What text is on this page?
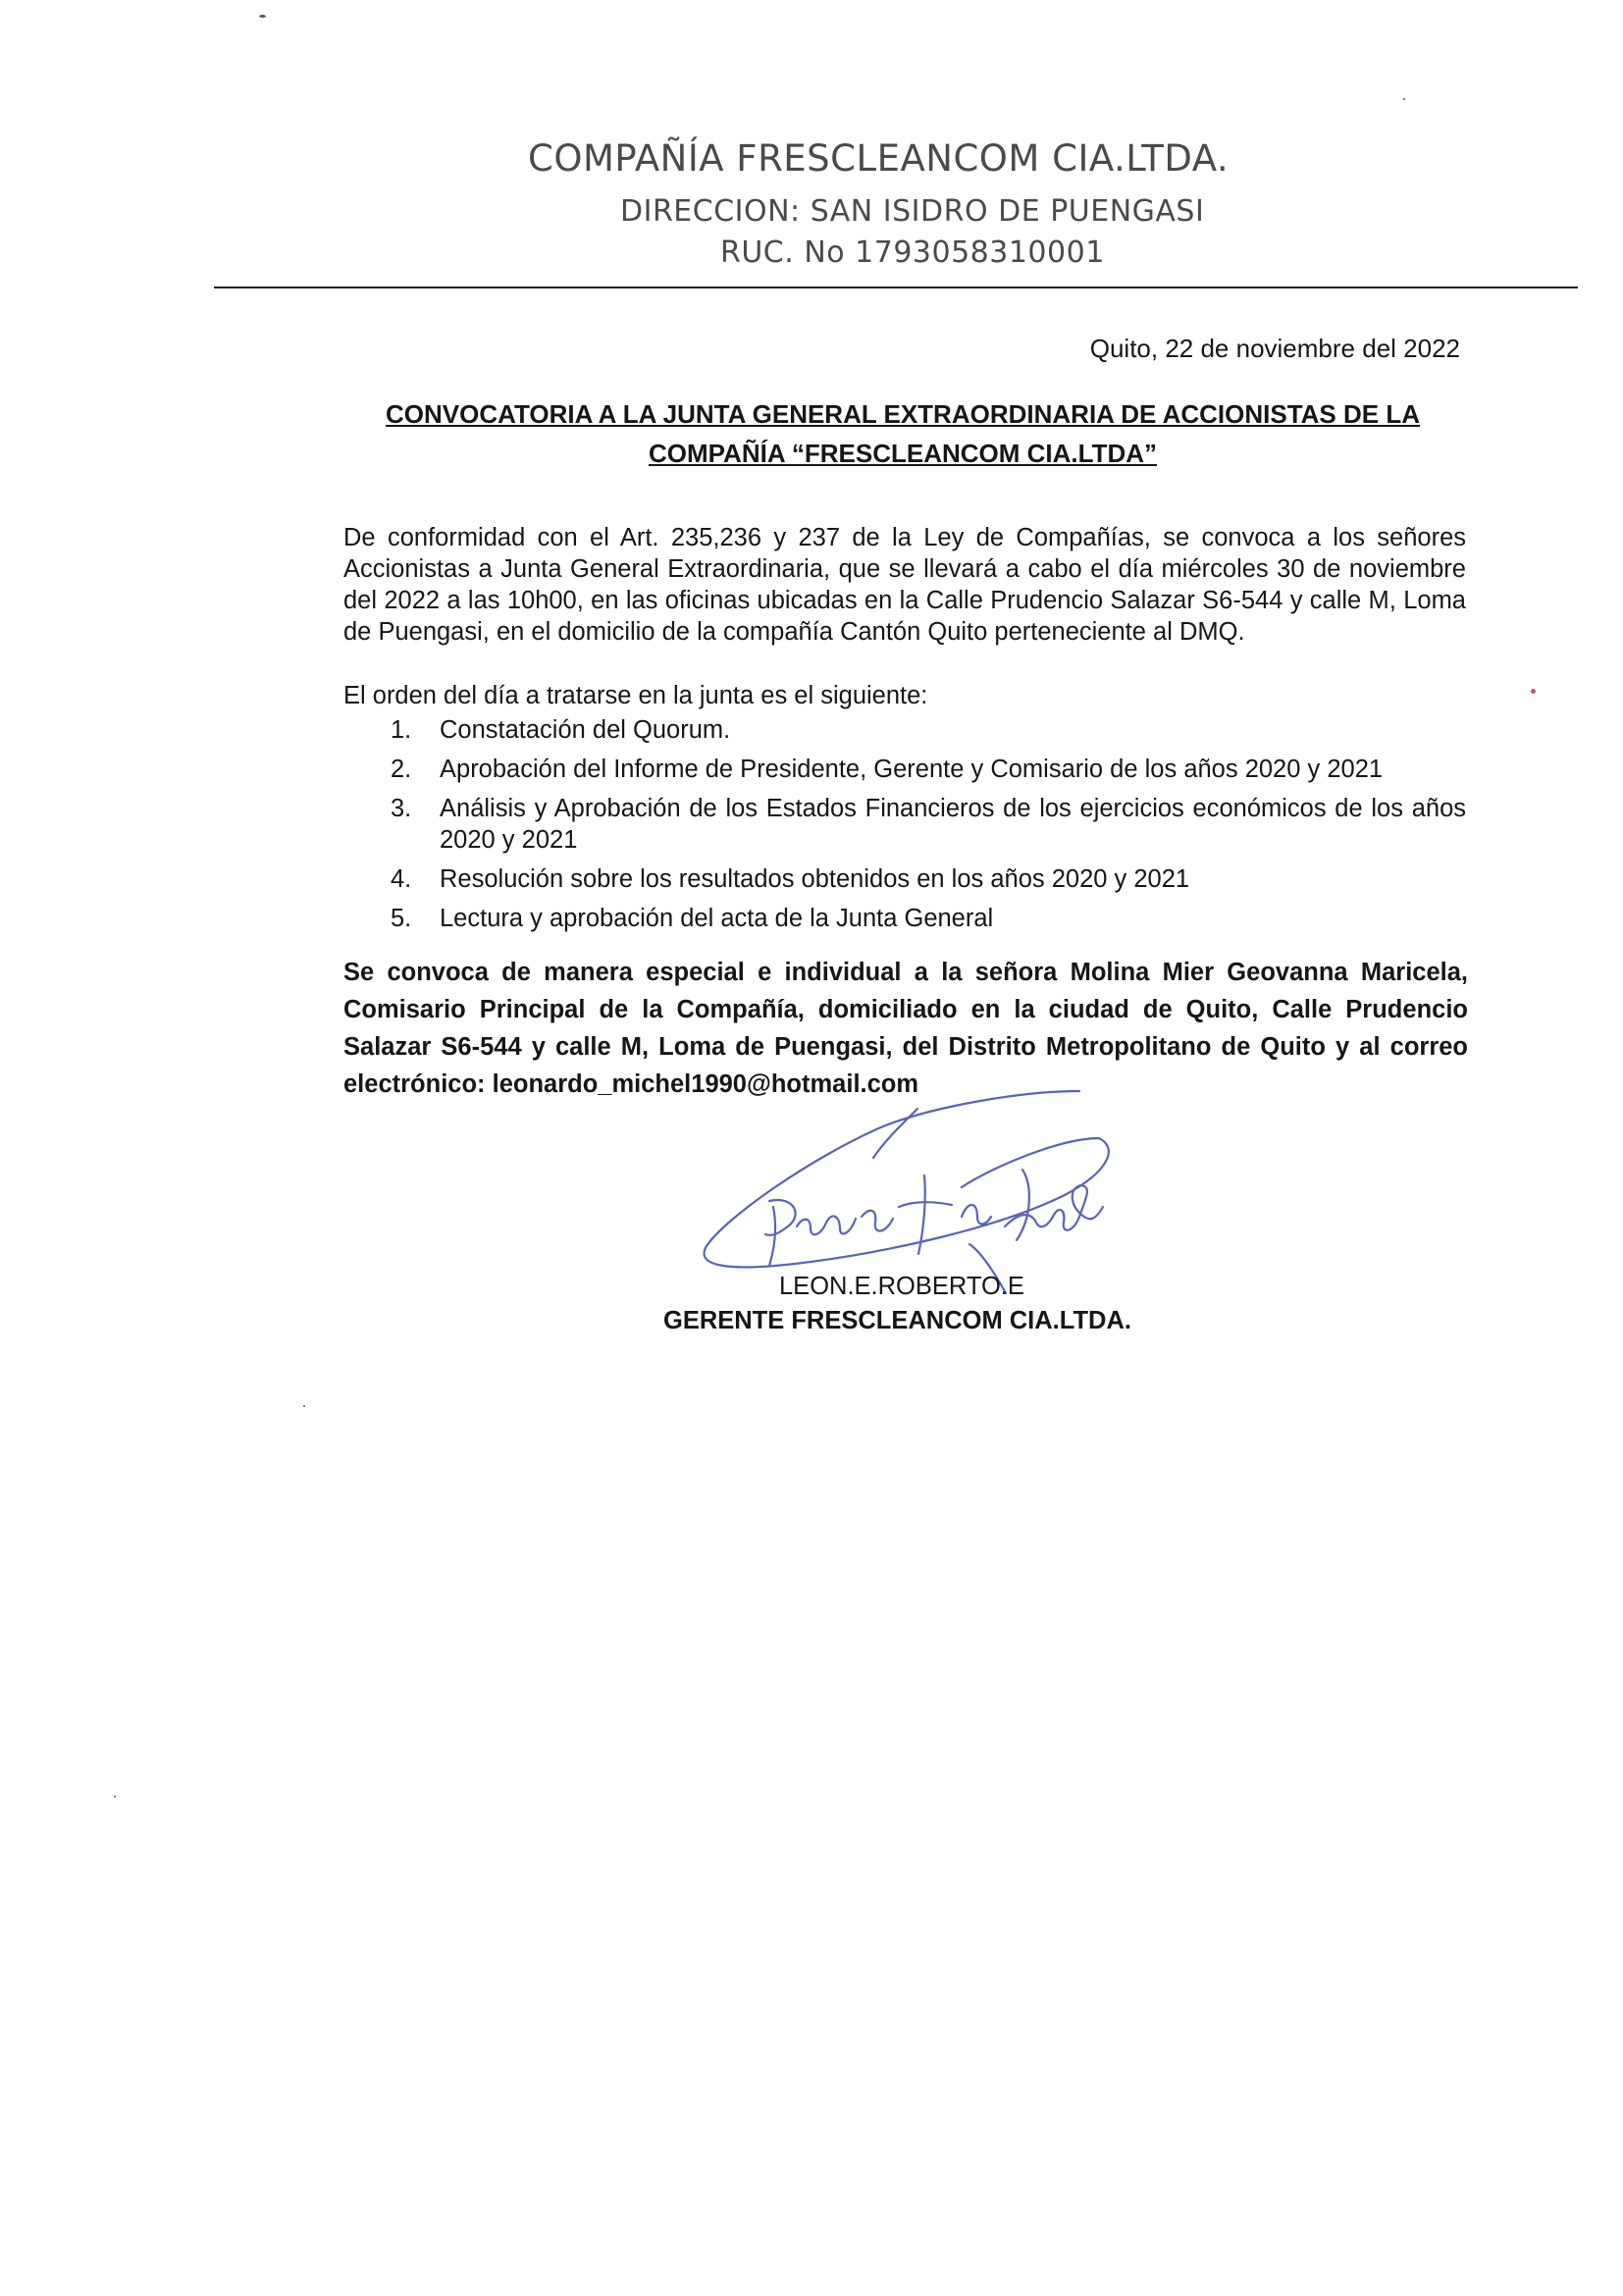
COMPAÑÍA FRESCLEANCOM CIA.LTDA.
DIRECCION: SAN ISIDRO DE PUENGASI
RUC. No 1793058310001
Quito, 22 de noviembre del 2022
CONVOCATORIA A LA JUNTA GENERAL EXTRAORDINARIA DE ACCIONISTAS DE LA
COMPAÑÍA “FRESCLEANCOM CIA.LTDA”

De conformidad con el Art. 235,236 y 237 de la Ley de Compañías, se convoca a los señores Accionistas a Junta General Extraordinaria, que se llevará a cabo el día miércoles 30 de noviembre del 2022 a las 10h00, en las oficinas ubicadas en la Calle Prudencio Salazar S6-544 y calle M, Loma de Puengasi, en el domicilio de la compañía Cantón Quito perteneciente al DMQ.

El orden del día a tratarse en la junta es el siguiente:
1. Constatación del Quorum.
2. Aprobación del Informe de Presidente, Gerente y Comisario de los años 2020 y 2021
3. Análisis y Aprobación de los Estados Financieros de los ejercicios económicos de los años 2020 y 2021
4. Resolución sobre los resultados obtenidos en los años 2020 y 2021
5. Lectura y aprobación del acta de la Junta General

Se convoca de manera especial e individual a la señora Molina Mier Geovanna Maricela, Comisario Principal de la Compañía, domiciliado en la ciudad de Quito, Calle Prudencio Salazar S6-544 y calle M, Loma de Puengasi, del Distrito Metropolitano de Quito y al correo electrónico: leonardo_michel1990@hotmail.com

LEON.E.ROBERTO.E
GERENTE FRESCLEANCOM CIA.LTDA.
